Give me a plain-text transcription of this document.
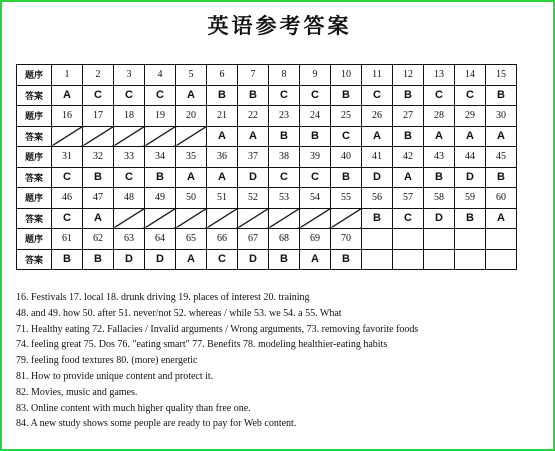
英语参考答案
题序	1	2	3	4	5	6	7	8	9	10	11	12	13	14	15
答案	A	C	C	C	A	B	B	C	C	B	C	B	C	C	B
题序	16	17	18	19	20	21	22	23	24	25	26	27	28	29	30
答案						A	A	B	B	C	A	B	A	A	A
题序	31	32	33	34	35	36	37	38	39	40	41	42	43	44	45
答案	C	B	C	B	A	A	D	C	C	B	D	A	B	D	B
题序	46	47	48	49	50	51	52	53	54	55	56	57	58	59	60
答案	C	A									B	C	D	B	A
题序	61	62	63	64	65	66	67	68	69	70					
答案	B	B	D	D	A	C	D	B	A	B					
16. Festivals 17. local 18. drunk driving 19. places of interest 20. training
48. and 49. how 50. after 51. never/not 52. whereas / while 53. we 54. a 55. What
71. Healthy eating 72. Fallacies / Invalid arguments / Wrong arguments, 73. removing favorite foods
74. feeling great 75. Dos 76. "eating smart" 77. Benefits 78. modeling healthier-eating habits
79. feeling food textures 80. (more) energetic
81. How to provide unique content and protect it.
82. Movies, music and games.
83. Online content with much higher quality than free one.
84. A new study shows some people are ready to pay for Web content.
